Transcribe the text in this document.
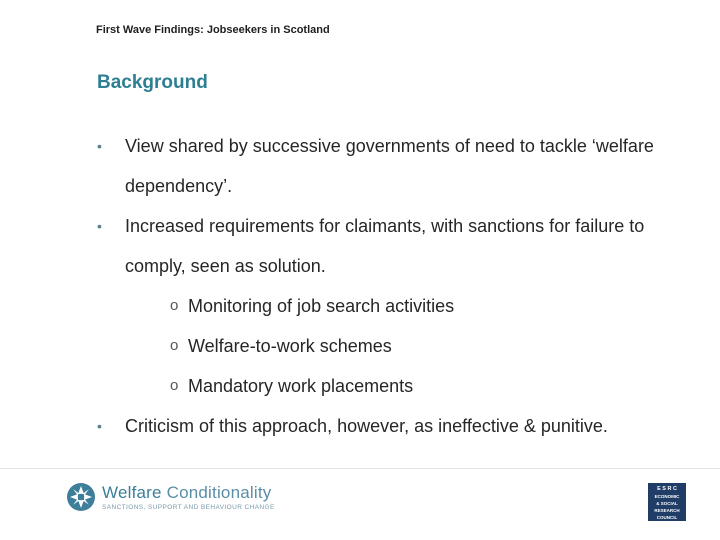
First Wave Findings: Jobseekers in Scotland
Background
•	View shared by successive governments of need to tackle ‘welfare dependency’.
•	Increased requirements for claimants, with sanctions for failure to comply, seen as solution.
o Monitoring of job search activities
o Welfare-to-work schemes
o Mandatory work placements
•	Criticism of this approach, however, as ineffective & punitive.
Welfare Conditionality
SANCTIONS, SUPPORT AND BEHAVIOUR CHANGE
E S R C
ECONOMIC
& SOCIAL
RESEARCH
COUNCIL
